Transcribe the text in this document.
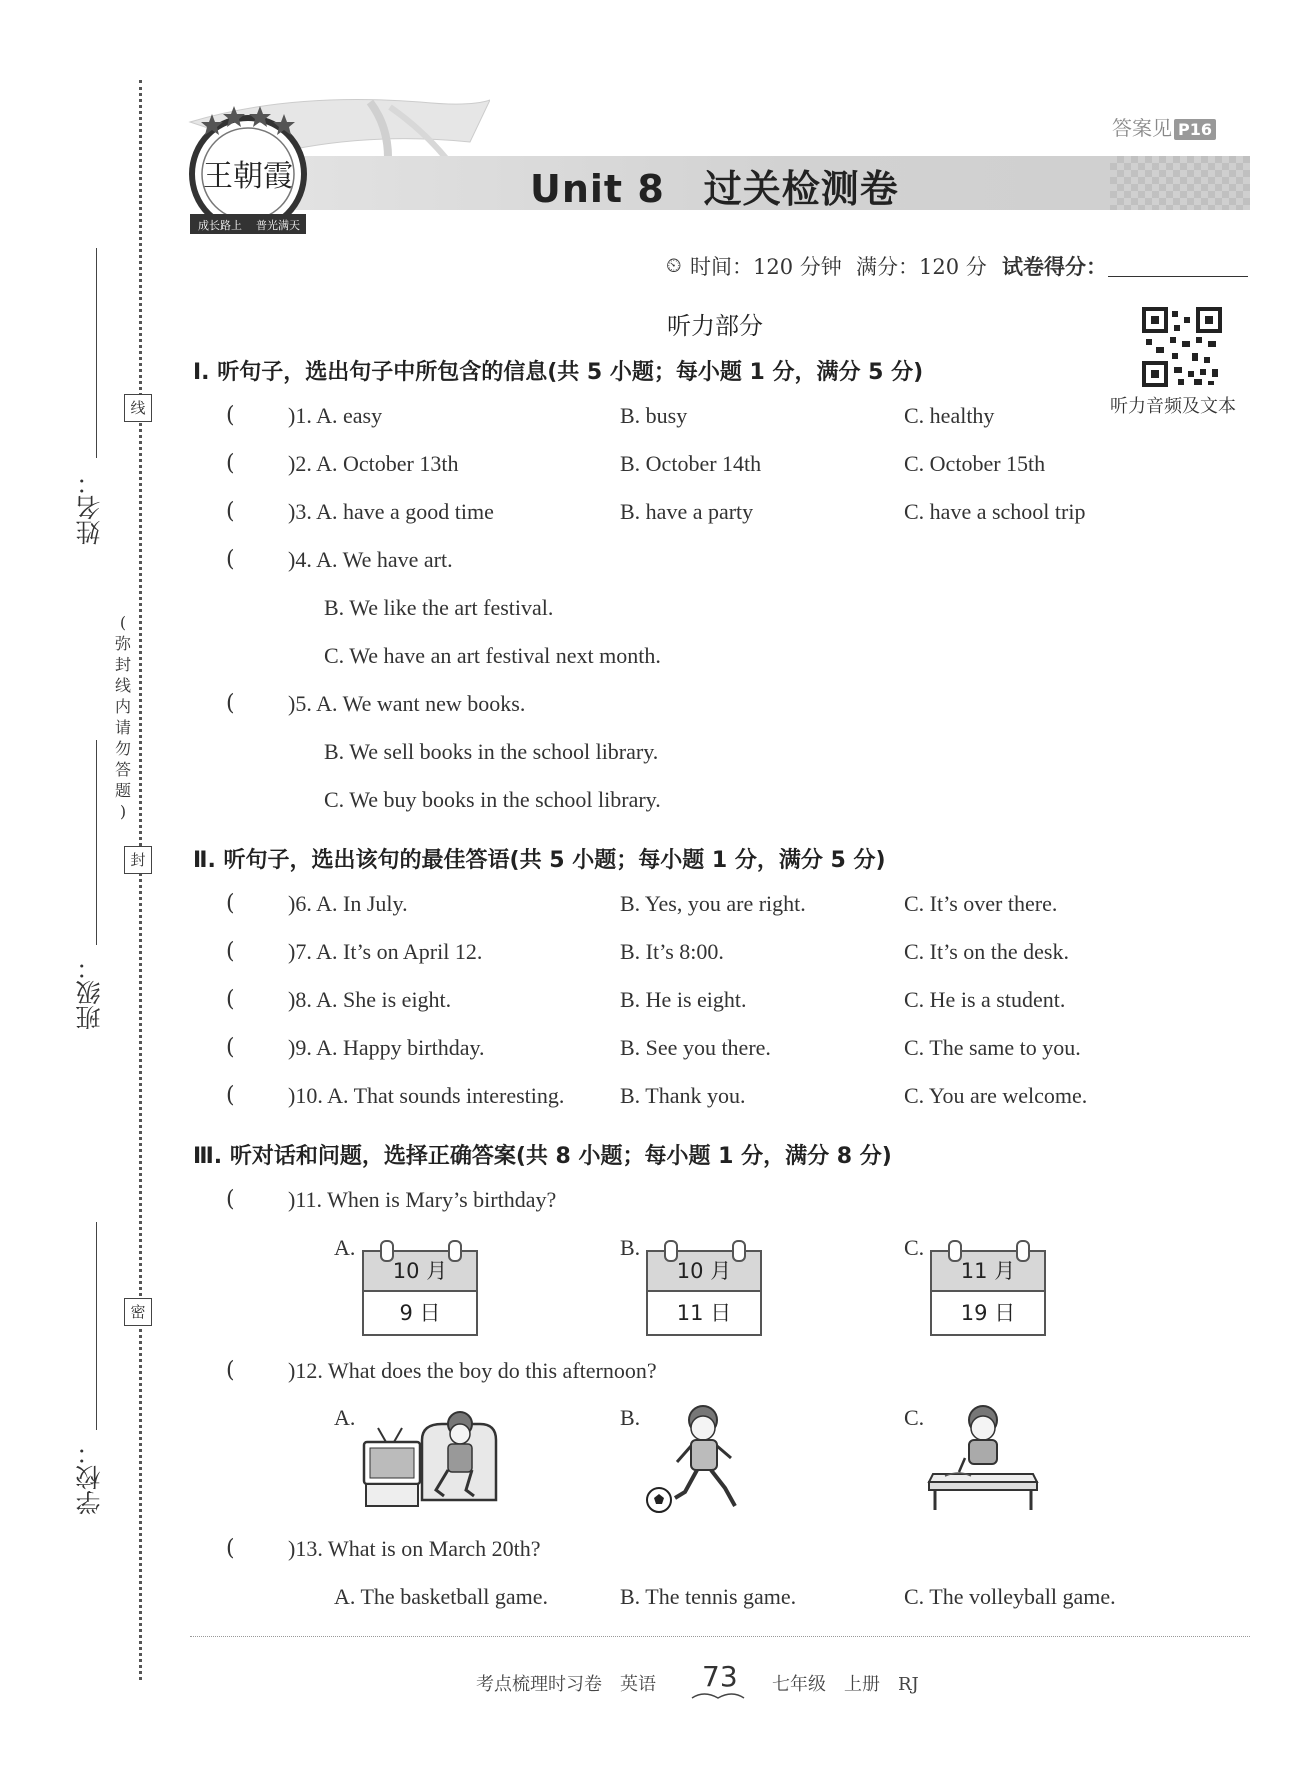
姓名：
班级：
学校：
线
封
密
(
弥
封
线
内
请
勿
答
题
)
王朝霞
成长路上 普光满天
答案见 P16
Unit 8　过关检测卷
⏲ 时间：120 分钟 满分：120 分 试卷得分：
听力音频及文本
听力部分
Ⅰ. 听句子，选出句子中所包含的信息(共 5 小题；每小题 1 分，满分 5 分)
( )1. A. easy	B. busy	C. healthy
( )2. A. October 13th	B. October 14th	C. October 15th
( )3. A. have a good time	B. have a party	C. have a school trip
( )4. A. We have art.
B. We like the art festival.
C. We have an art festival next month.
( )5. A. We want new books.
B. We sell books in the school library.
C. We buy books in the school library.
Ⅱ. 听句子，选出该句的最佳答语(共 5 小题；每小题 1 分，满分 5 分)
( )6. A. In July.	B. Yes, you are right.	C. It’s over there.
( )7. A. It’s on April 12.	B. It’s 8:00.	C. It’s on the desk.
( )8. A. She is eight.	B. He is eight.	C. He is a student.
( )9. A. Happy birthday.	B. See you there.	C. The same to you.
( )10. A. That sounds interesting.	B. Thank you.	C. You are welcome.
Ⅲ. 听对话和问题，选择正确答案(共 8 小题；每小题 1 分，满分 8 分)
( )11. When is Mary’s birthday?
A.
10 月
9 日
B.
10 月
11 日
C.
11 月
19 日
( )12. What does the boy do this afternoon?
A.	B.	C.
( )13. What is on March 20th?
A. The basketball game.	B. The tennis game.	C. The volleyball game.
考点梳理时习卷　英语 73 七年级　上册　RJ
